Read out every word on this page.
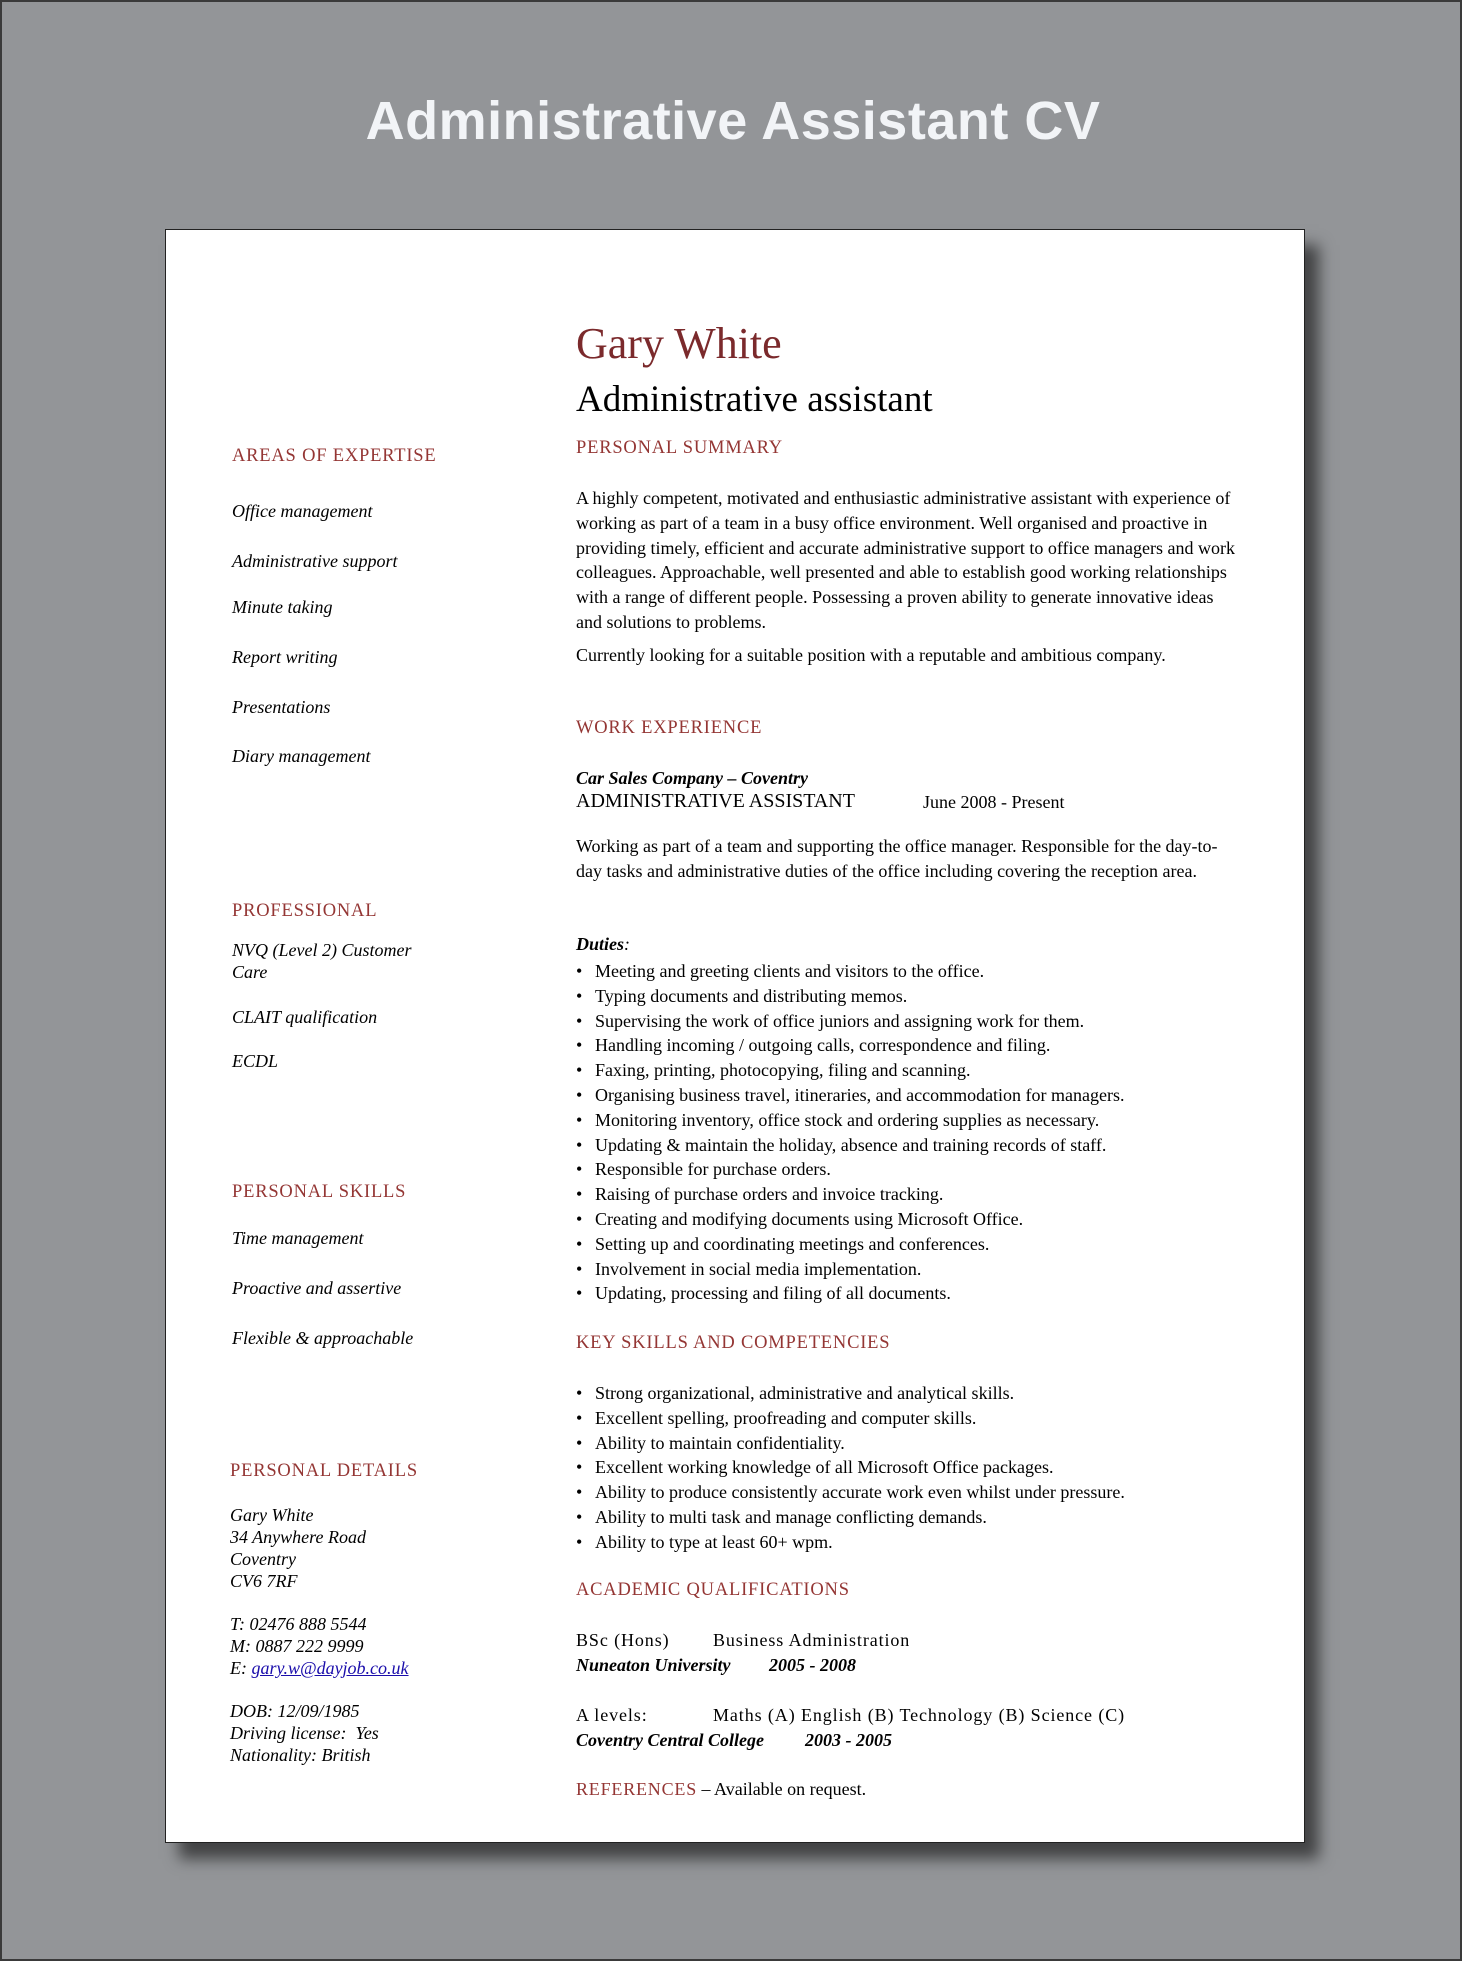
Administrative Assistant CV
Gary White
Administrative assistant
AREAS OF EXPERTISE
Office management
Administrative support
Minute taking
Report writing
Presentations
Diary management
PROFESSIONAL
NVQ (Level 2) Customer Care
CLAIT qualification
ECDL
PERSONAL SKILLS
Time management
Proactive and assertive
Flexible & approachable
PERSONAL DETAILS
Gary White
34 Anywhere Road
Coventry
CV6 7RF
T: 02476 888 5544
M: 0887 222 9999
E: gary.w@dayjob.co.uk
DOB: 12/09/1985
Driving license:  Yes
Nationality: British
PERSONAL SUMMARY

A highly competent, motivated and enthusiastic administrative assistant with experience of working as part of a team in a busy office environment. Well organised and proactive in providing timely, efficient and accurate administrative support to office managers and work colleagues. Approachable, well presented and able to establish good working relationships with a range of different people. Possessing a proven ability to generate innovative ideas and solutions to problems.

Currently looking for a suitable position with a reputable and ambitious company.

WORK EXPERIENCE
Car Sales Company – Coventry
ADMINISTRATIVE ASSISTANT	June 2008 - Present
Working as part of a team and supporting the office manager. Responsible for the day-to-day tasks and administrative duties of the office including covering the reception area.
Duties:
• Meeting and greeting clients and visitors to the office.
• Typing documents and distributing memos.
• Supervising the work of office juniors and assigning work for them.
• Handling incoming / outgoing calls, correspondence and filing.
• Faxing, printing, photocopying, filing and scanning.
• Organising business travel, itineraries, and accommodation for managers.
• Monitoring inventory, office stock and ordering supplies as necessary.
• Updating & maintain the holiday, absence and training records of staff.
• Responsible for purchase orders.
• Raising of purchase orders and invoice tracking.
• Creating and modifying documents using Microsoft Office.
• Setting up and coordinating meetings and conferences.
• Involvement in social media implementation.
• Updating, processing and filing of all documents.
KEY SKILLS AND COMPETENCIES
• Strong organizational, administrative and analytical skills.
• Excellent spelling, proofreading and computer skills.
• Ability to maintain confidentiality.
• Excellent working knowledge of all Microsoft Office packages.
• Ability to produce consistently accurate work even whilst under pressure.
• Ability to multi task and manage conflicting demands.
• Ability to type at least 60+ wpm.
ACADEMIC QUALIFICATIONS
BSc (Hons) Business Administration
Nuneaton University 2005 - 2008
A levels:	Maths (A) English (B) Technology (B) Science (C)
Coventry Central College 2003 - 2005
REFERENCES – Available on request.
